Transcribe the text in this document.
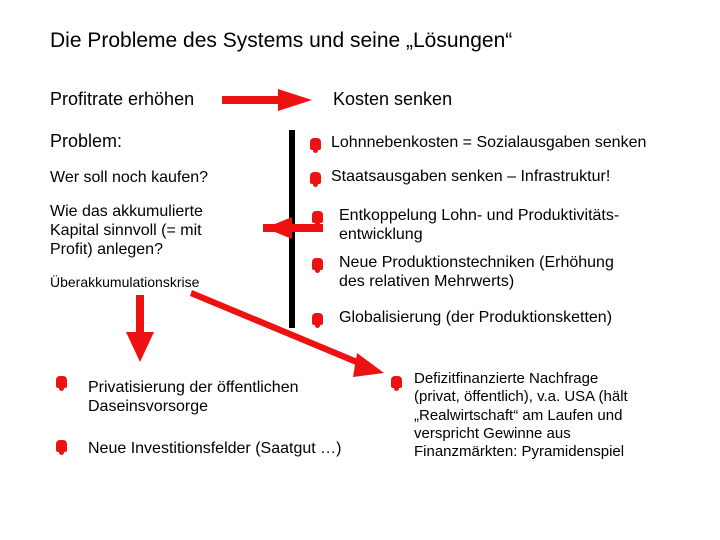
Die Probleme des Systems und seine „Lösungen“
Profitrate erhöhen
Problem:
Wer soll noch kaufen?
Wie das akkumulierte
Kapital sinnvoll (= mit
Profit) anlegen?
Überakkumulationskrise
Kosten senken
Lohnnebenkosten = Sozialausgaben senken
Staatsausgaben senken – Infrastruktur!
Entkoppelung Lohn- und Produktivitäts-
entwicklung
Neue Produktionstechniken (Erhöhung
des relativen Mehrwerts)
Globalisierung (der Produktionsketten)
Privatisierung der öffentlichen
Daseinsvorsorge
Neue Investitionsfelder (Saatgut …)
Defizitfinanzierte Nachfrage
(privat, öffentlich), v.a. USA (hält
„Realwirtschaft“ am Laufen und
verspricht Gewinne aus
Finanzmärkten: Pyramidenspiel
